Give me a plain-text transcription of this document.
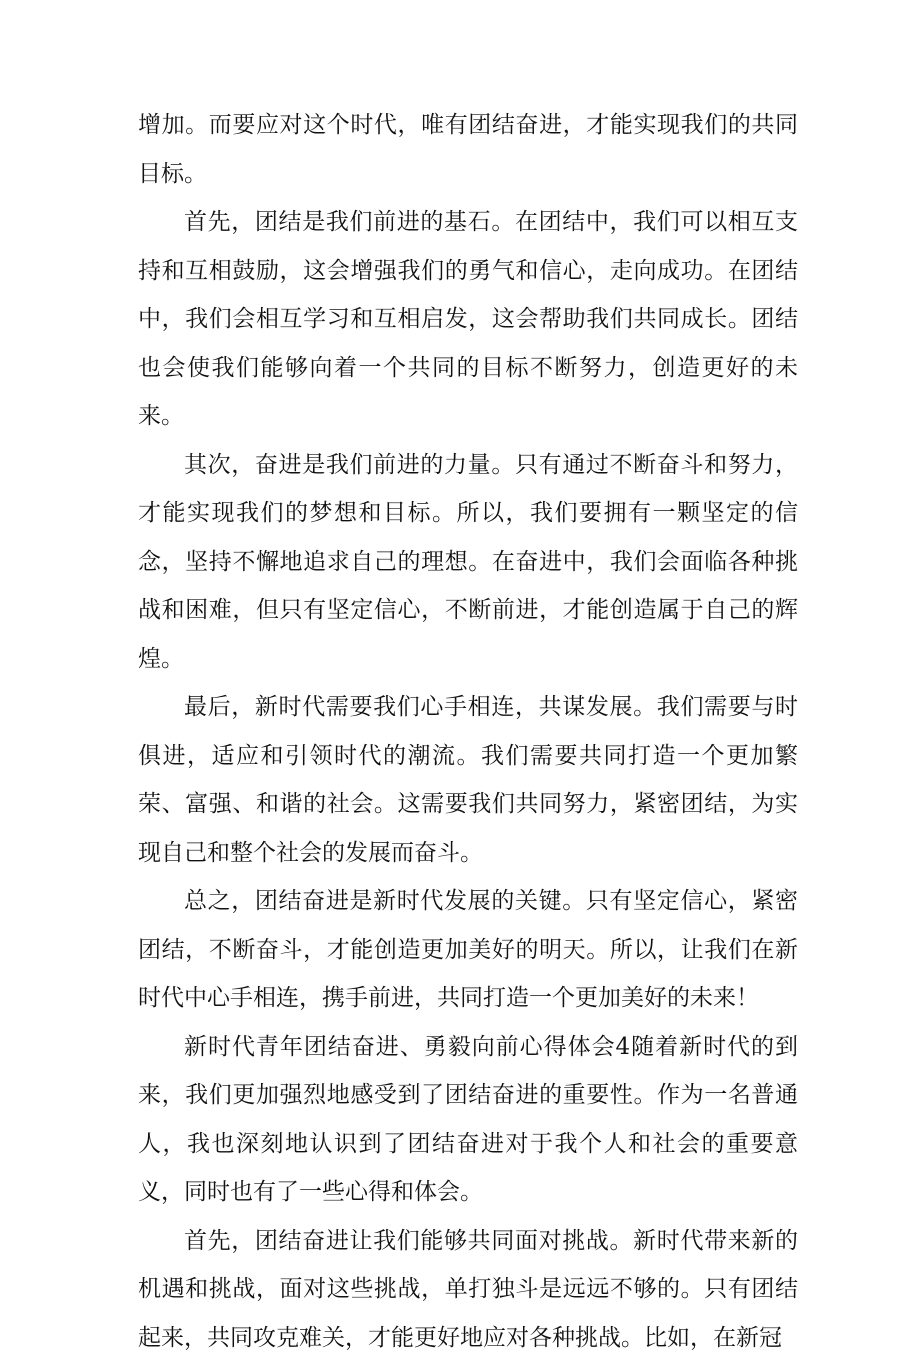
增加。而要应对这个时代，唯有团结奋进，才能实现我们的共同目标。

首先，团结是我们前进的基石。在团结中，我们可以相互支持和互相鼓励，这会增强我们的勇气和信心，走向成功。在团结中，我们会相互学习和互相启发，这会帮助我们共同成长。团结也会使我们能够向着一个共同的目标不断努力，创造更好的未来。

其次，奋进是我们前进的力量。只有通过不断奋斗和努力，才能实现我们的梦想和目标。所以，我们要拥有一颗坚定的信念，坚持不懈地追求自己的理想。在奋进中，我们会面临各种挑战和困难，但只有坚定信心，不断前进，才能创造属于自己的辉煌。

最后，新时代需要我们心手相连，共谋发展。我们需要与时俱进，适应和引领时代的潮流。我们需要共同打造一个更加繁荣、富强、和谐的社会。这需要我们共同努力，紧密团结，为实现自己和整个社会的发展而奋斗。

总之，团结奋进是新时代发展的关键。只有坚定信心，紧密团结，不断奋斗，才能创造更加美好的明天。所以，让我们在新时代中心手相连，携手前进，共同打造一个更加美好的未来！

新时代青年团结奋进、勇毅向前心得体会4随着新时代的到来，我们更加强烈地感受到了团结奋进的重要性。作为一名普通人，我也深刻地认识到了团结奋进对于我个人和社会的重要意义，同时也有了一些心得和体会。

首先，团结奋进让我们能够共同面对挑战。新时代带来新的机遇和挑战，面对这些挑战，单打独斗是远远不够的。只有团结起来，共同攻克难关，才能更好地应对各种挑战。比如，在新冠
